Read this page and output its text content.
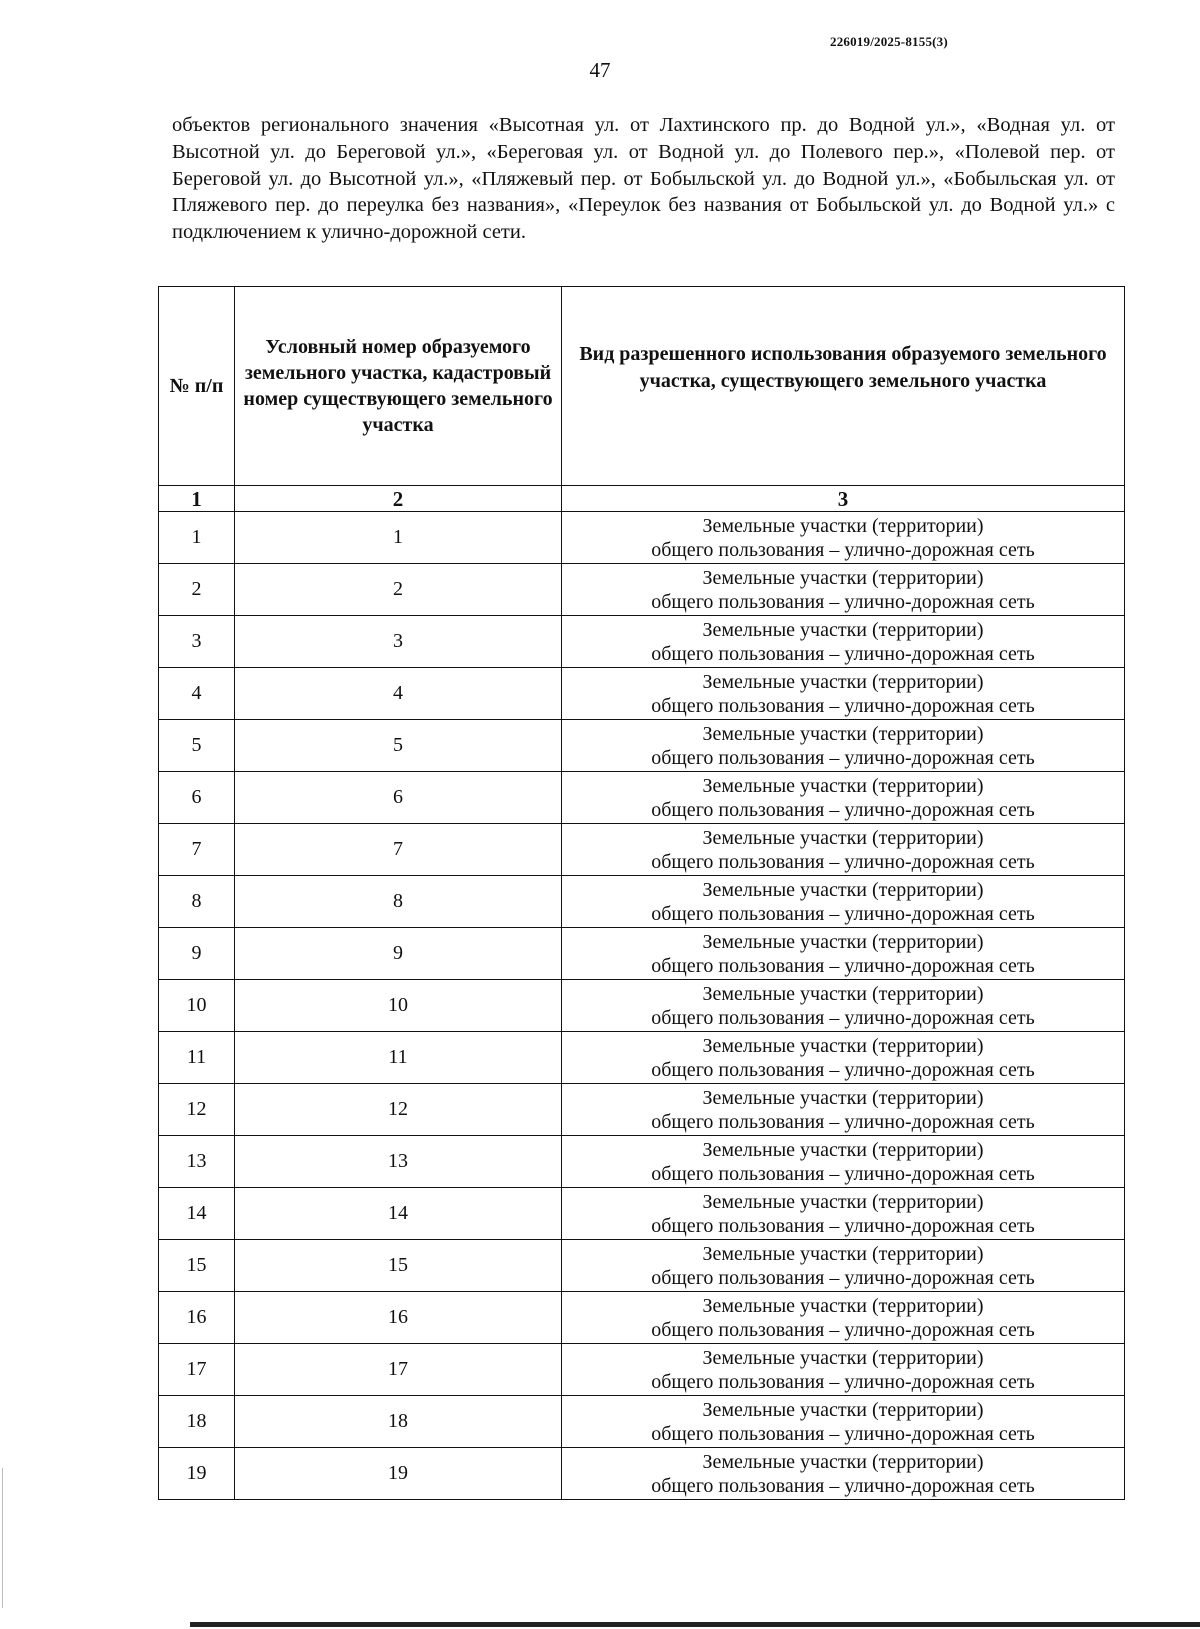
226019/2025-8155(3)
47
объектов регионального значения «Высотная ул. от Лахтинского пр. до Водной ул.», «Водная ул. от Высотной ул. до Береговой ул.», «Береговая ул. от Водной ул. до Полевого пер.», «Полевой пер. от Береговой ул. до Высотной ул.», «Пляжевый пер. от Бобыльской ул. до Водной ул.», «Бобыльская ул. от Пляжевого пер. до переулка без названия», «Переулок без названия от Бобыльской ул. до Водной ул.» с подключением к улично-дорожной сети.
№ п/п	Условный номер образуемого земельного участка, кадастровый номер существующего земельного участка	Вид разрешенного использования образуемого земельного участка, существующего земельного участка
1	2	3
1	1	Земельные участки (территории)
общего пользования – улично-дорожная сеть

2	2	Земельные участки (территории)
общего пользования – улично-дорожная сеть

3	3	Земельные участки (территории)
общего пользования – улично-дорожная сеть

4	4	Земельные участки (территории)
общего пользования – улично-дорожная сеть

5	5	Земельные участки (территории)
общего пользования – улично-дорожная сеть

6	6	Земельные участки (территории)
общего пользования – улично-дорожная сеть

7	7	Земельные участки (территории)
общего пользования – улично-дорожная сеть

8	8	Земельные участки (территории)
общего пользования – улично-дорожная сеть

9	9	Земельные участки (территории)
общего пользования – улично-дорожная сеть

10	10	Земельные участки (территории)
общего пользования – улично-дорожная сеть

11	11	Земельные участки (территории)
общего пользования – улично-дорожная сеть

12	12	Земельные участки (территории)
общего пользования – улично-дорожная сеть

13	13	Земельные участки (территории)
общего пользования – улично-дорожная сеть

14	14	Земельные участки (территории)
общего пользования – улично-дорожная сеть

15	15	Земельные участки (территории)
общего пользования – улично-дорожная сеть

16	16	Земельные участки (территории)
общего пользования – улично-дорожная сеть

17	17	Земельные участки (территории)
общего пользования – улично-дорожная сеть

18	18	Земельные участки (территории)
общего пользования – улично-дорожная сеть

19	19	Земельные участки (территории)
общего пользования – улично-дорожная сеть
